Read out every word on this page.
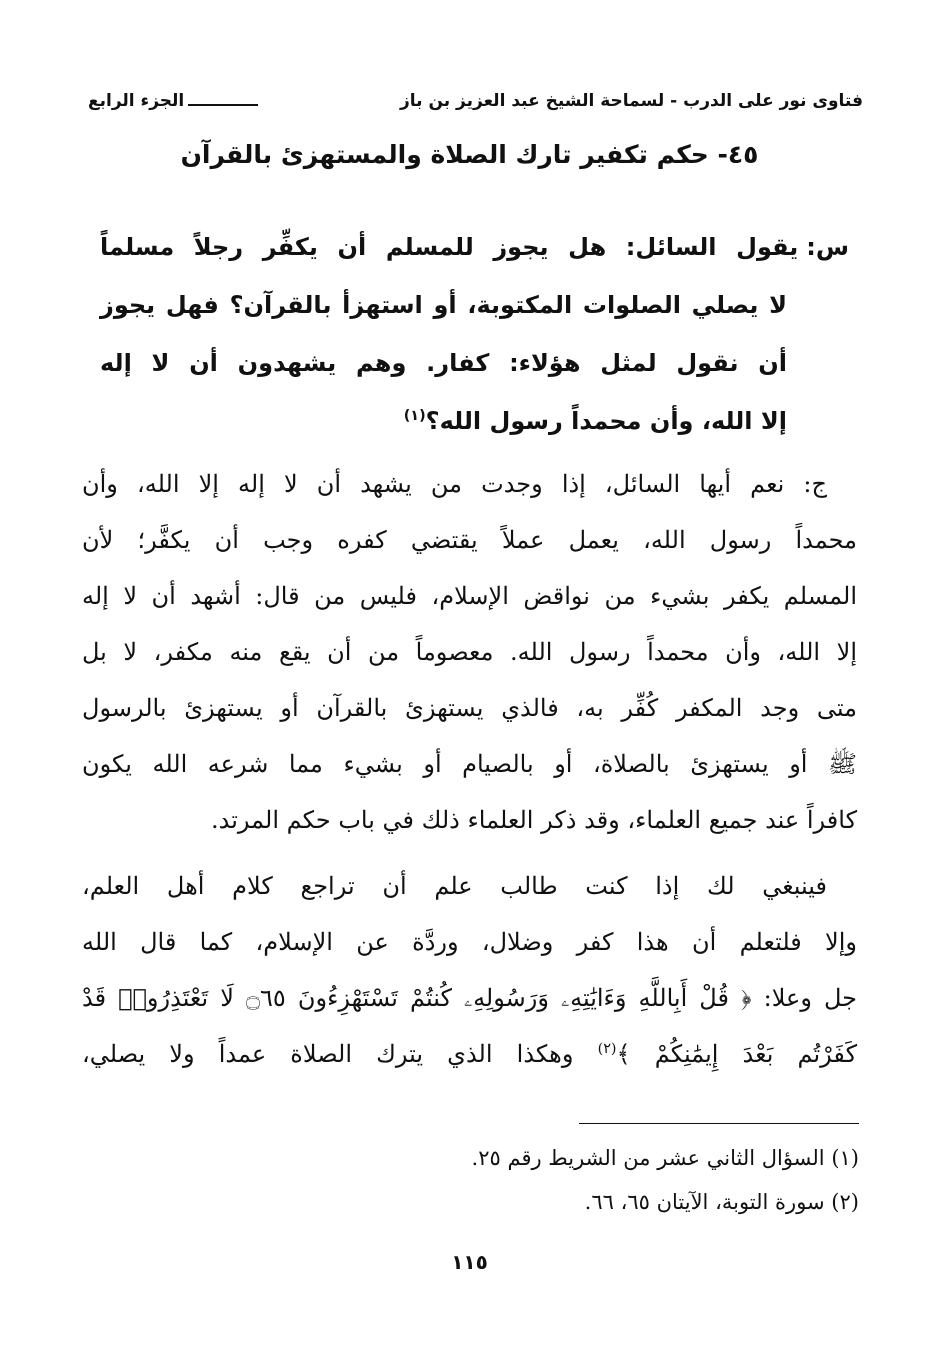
فتاوى نور على الدرب - لسماحة الشيخ عبد العزيز بن باز
الجزء الرابع
٤٥- حكم تكفير تارك الصلاة والمستهزئ بالقرآن
س:يقول السائل: هل يجوز للمسلم أن يكفِّر رجلاً مسلماً
لا يصلي الصلوات المكتوبة، أو استهزأ بالقرآن؟ فهل يجوز
أن نقول لمثل هؤلاء: كفار. وهم يشهدون أن لا إله
إلا الله، وأن محمداً رسول الله؟$^{(١)}$
ج: نعم أيها السائل، إذا وجدت من يشهد أن لا إله إلا الله، وأن
محمداً رسول الله، يعمل عملاً يقتضي كفره وجب أن يكفَّر؛ لأن
المسلم يكفر بشيء من نواقض الإسلام، فليس من قال: أشهد أن لا إله
إلا الله، وأن محمداً رسول الله. معصوماً من أن يقع منه مكفر، لا بل
متى وجد المكفر كُفِّر به، فالذي يستهزئ بالقرآن أو يستهزئ بالرسول
ﷺ أو يستهزئ بالصلاة، أو بالصيام أو بشيء مما شرعه الله يكون
كافراً عند جميع العلماء، وقد ذكر العلماء ذلك في باب حكم المرتد.
فينبغي لك إذا كنت طالب علم أن تراجع كلام أهل العلم،
وإلا فلتعلم أن هذا كفر وضلال، وردَّة عن الإسلام، كما قال الله
جل وعلا: ﴿ قُلْ أَبِاللَّهِ وَءَايَٰتِهِۦ وَرَسُولِهِۦ كُنتُمْ تَسْتَهْزِءُونَ ۝٦٥ لَا تَعْتَذِرُوا۟ قَدْ
كَفَرْتُم بَعْدَ إِيمَٰنِكُمْ ﴾$^{(٢)}$ وهكذا الذي يترك الصلاة عمداً ولا يصلي،
(١) السؤال الثاني عشر من الشريط رقم ٢٥.
(٢) سورة التوبة، الآيتان ٦٥، ٦٦.
١١٥
